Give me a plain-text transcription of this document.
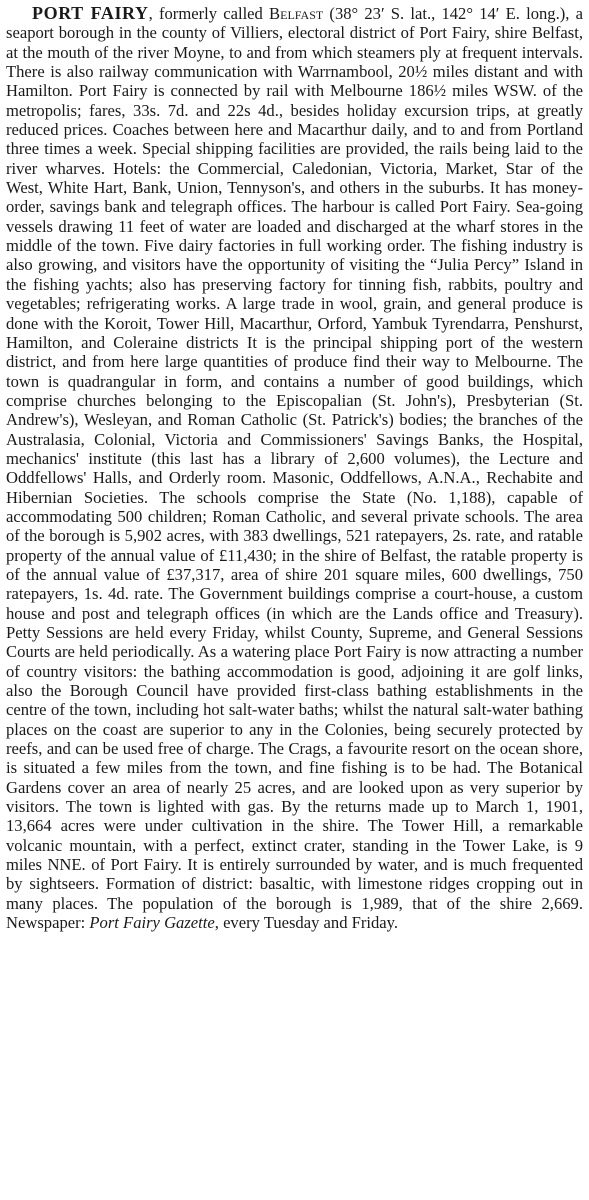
PORT FAIRY, formerly called Belfast (38° 23′ S. lat., 142° 14′ E. long.), a seaport borough in the county of Villiers, electoral district of Port Fairy, shire Belfast, at the mouth of the river Moyne, to and from which steamers ply at frequent intervals. There is also railway communication with Warrnambool, 20½ miles distant and with Hamilton. Port Fairy is connected by rail with Melbourne 186½ miles WSW. of the metropolis; fares, 33s. 7d. and 22s 4d., besides holiday excursion trips, at greatly reduced prices. Coaches between here and Macarthur daily, and to and from Portland three times a week. Special shipping facilities are provided, the rails being laid to the river wharves. Hotels: the Commercial, Caledonian, Victoria, Market, Star of the West, White Hart, Bank, Union, Tennyson's, and others in the suburbs. It has money-order, savings bank and telegraph offices. The harbour is called Port Fairy. Sea-going vessels drawing 11 feet of water are loaded and discharged at the wharf stores in the middle of the town. Five dairy factories in full working order. The fishing industry is also growing, and visitors have the opportunity of visiting the “Julia Percy” Island in the fishing yachts; also has preserving factory for tinning fish, rabbits, poultry and vegetables; refrigerating works. A large trade in wool, grain, and general produce is done with the Koroit, Tower Hill, Macarthur, Orford, Yambuk Tyrendarra, Penshurst, Hamilton, and Coleraine districts It is the principal shipping port of the western district, and from here large quantities of produce find their way to Melbourne. The town is quadrangular in form, and contains a number of good buildings, which comprise churches belonging to the Episcopalian (St. John's), Presbyterian (St. Andrew's), Wesleyan, and Roman Catholic (St. Patrick's) bodies; the branches of the Australasia, Colonial, Victoria and Commissioners' Savings Banks, the Hospital, mechanics' institute (this last has a library of 2,600 volumes), the Lecture and Oddfellows' Halls, and Orderly room. Masonic, Oddfellows, A.N.A., Rechabite and Hibernian Societies. The schools comprise the State (No. 1,188), capable of accommodating 500 children; Roman Catholic, and several private schools. The area of the borough is 5,902 acres, with 383 dwellings, 521 ratepayers, 2s. rate, and ratable property of the annual value of £11,430; in the shire of Belfast, the ratable property is of the annual value of £37,317, area of shire 201 square miles, 600 dwellings, 750 ratepayers, 1s. 4d. rate. The Government buildings comprise a court-house, a custom house and post and telegraph offices (in which are the Lands office and Treasury). Petty Sessions are held every Friday, whilst County, Supreme, and General Sessions Courts are held periodically. As a watering place Port Fairy is now attracting a number of country visitors: the bathing accommodation is good, adjoining it are golf links, also the Borough Council have provided first-class bathing establishments in the centre of the town, including hot salt-water baths; whilst the natural salt-water bathing places on the coast are superior to any in the Colonies, being securely protected by reefs, and can be used free of charge. The Crags, a favourite resort on the ocean shore, is situated a few miles from the town, and fine fishing is to be had. The Botanical Gardens cover an area of nearly 25 acres, and are looked upon as very superior by visitors. The town is lighted with gas. By the returns made up to March 1, 1901, 13,664 acres were under cultivation in the shire. The Tower Hill, a remarkable volcanic mountain, with a perfect, extinct crater, standing in the Tower Lake, is 9 miles NNE. of Port Fairy. It is entirely surrounded by water, and is much frequented by sightseers. Formation of district: basaltic, with limestone ridges cropping out in many places. The population of the borough is 1,989, that of the shire 2,669. Newspaper: Port Fairy Gazette, every Tuesday and Friday.
